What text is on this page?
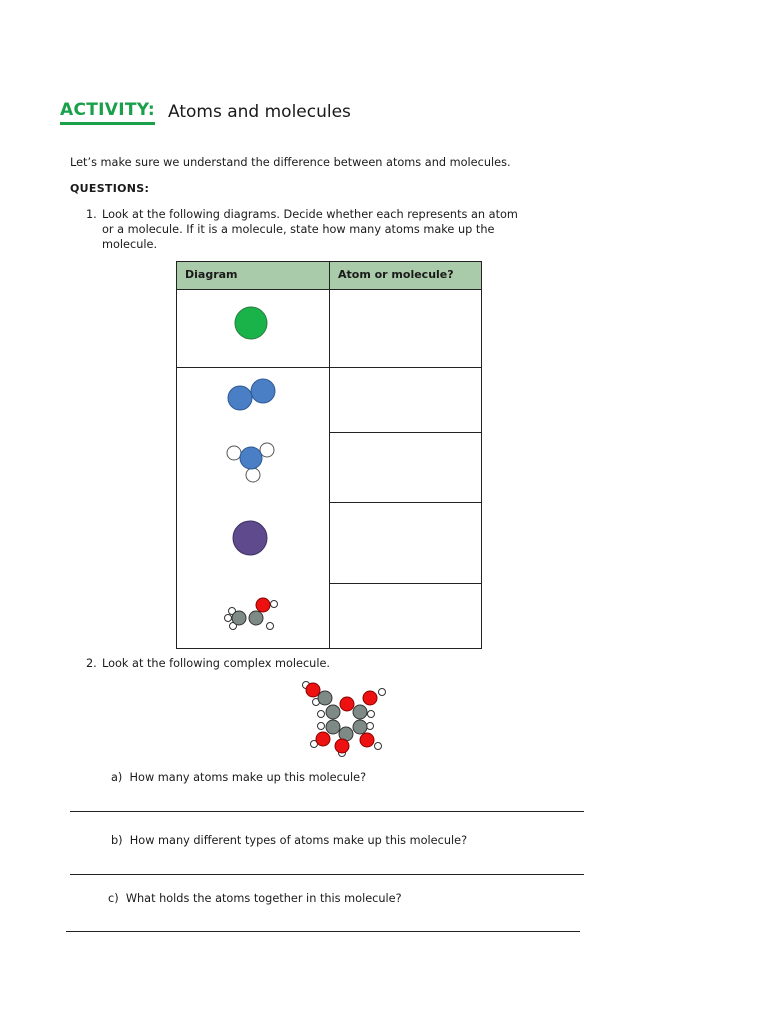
ACTIVITY: Atoms and molecules
Let’s make sure we understand the difference between atoms and molecules.
QUESTIONS:
1. Look at the following diagrams. Decide whether each represents an atom
or a molecule. If it is a molecule, state how many atoms make up the
molecule.
Diagram	Atom or molecule?

2. Look at the following complex molecule.
a) How many atoms make up this molecule?
b) How many different types of atoms make up this molecule?
c) What holds the atoms together in this molecule?
